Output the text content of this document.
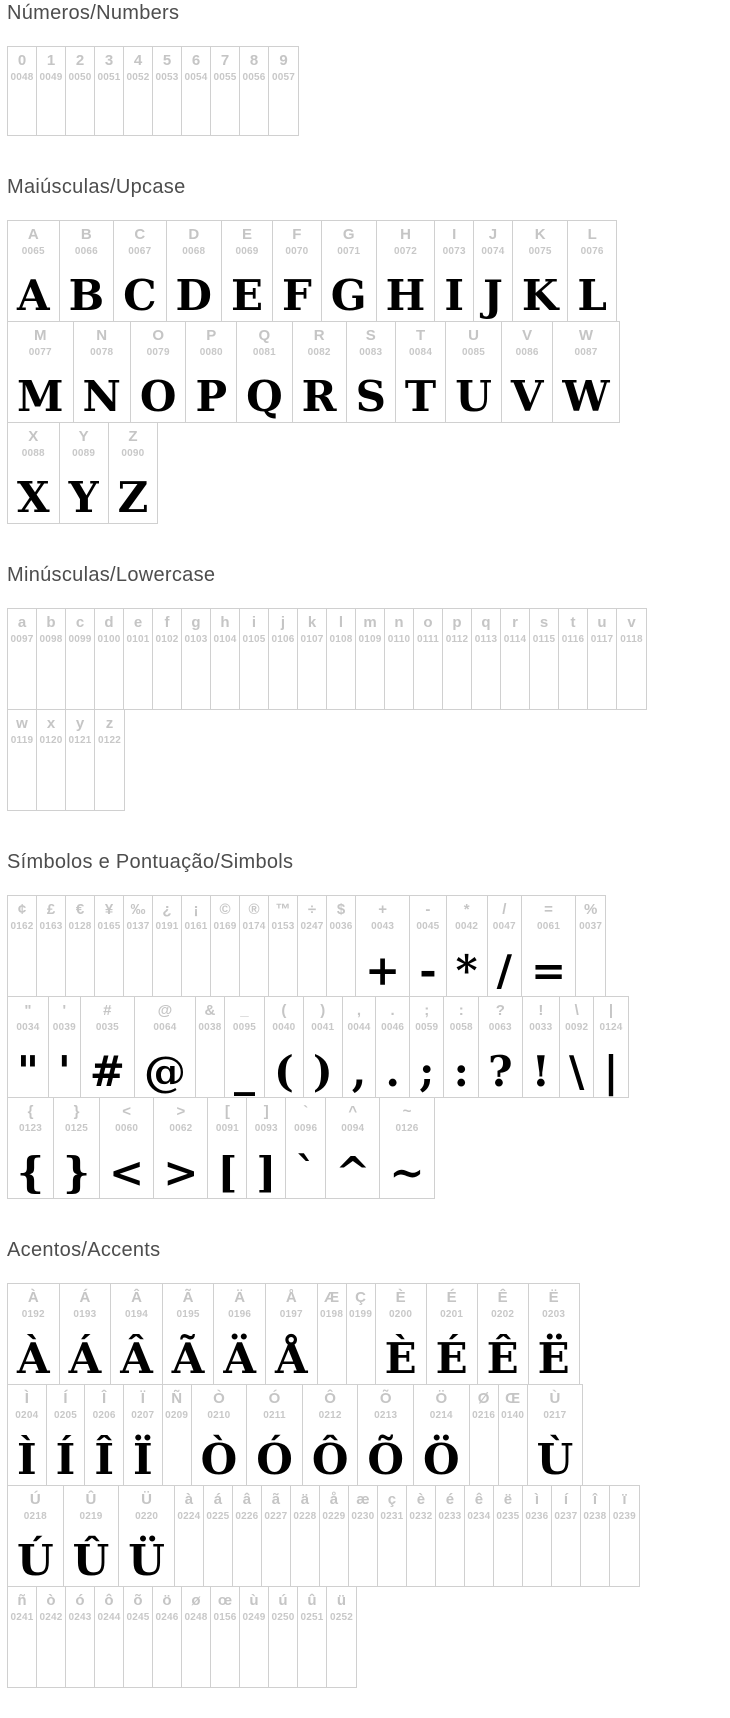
Números/Numbers
0
0048
1
0049
2
0050
3
0051
4
0052
5
0053
6
0054
7
0055
8
0056
9
0057
Maiúsculas/Upcase
A
0065
A
B
0066
B
C
0067
C
D
0068
D
E
0069
E
F
0070
F
G
0071
G
H
0072
H
I
0073
I
J
0074
J
K
0075
K
L
0076
L
M
0077
M
N
0078
N
O
0079
O
P
0080
P
Q
0081
Q
R
0082
R
S
0083
S
T
0084
T
U
0085
U
V
0086
V
W
0087
W
X
0088
X
Y
0089
Y
Z
0090
Z
Minúsculas/Lowercase
a
0097
b
0098
c
0099
d
0100
e
0101
f
0102
g
0103
h
0104
i
0105
j
0106
k
0107
l
0108
m
0109
n
0110
o
0111
p
0112
q
0113
r
0114
s
0115
t
0116
u
0117
v
0118
w
0119
x
0120
y
0121
z
0122
Símbolos e Pontuação/Simbols
¢
0162
£
0163
€
0128
¥
0165
‰
0137
¿
0191
¡
0161
©
0169
®
0174
™
0153
÷
0247
$
0036
+
0043
+
-
0045
-
*
0042
*
/
0047
/
=
0061
=
%
0037
"
0034
"
'
0039
'
#
0035
#
@
0064
@
&
0038
_
0095
_
(
0040
(
)
0041
)
,
0044
,
.
0046
.
;
0059
;
:
0058
:
?
0063
?
!
0033
!
\
0092
\
|
0124
|
{
0123
{
}
0125
}
<
0060
<
>
0062
>
[
0091
[
]
0093
]
`
0096
`
^
0094
^
~
0126
~
Acentos/Accents
À
0192
À
Á
0193
Á
Â
0194
Â
Ã
0195
Ã
Ä
0196
Ä
Å
0197
Å
Æ
0198
Ç
0199
È
0200
È
É
0201
É
Ê
0202
Ê
Ë
0203
Ë
Ì
0204
Ì
Í
0205
Í
Î
0206
Î
Ï
0207
Ï
Ñ
0209
Ò
0210
Ò
Ó
0211
Ó
Ô
0212
Ô
Õ
0213
Õ
Ö
0214
Ö
Ø
0216
Œ
0140
Ù
0217
Ù
Ú
0218
Ú
Û
0219
Û
Ü
0220
Ü
à
0224
á
0225
â
0226
ã
0227
ä
0228
å
0229
æ
0230
ç
0231
è
0232
é
0233
ê
0234
ë
0235
ì
0236
í
0237
î
0238
ï
0239
ñ
0241
ò
0242
ó
0243
ô
0244
õ
0245
ö
0246
ø
0248
œ
0156
ù
0249
ú
0250
û
0251
ü
0252
